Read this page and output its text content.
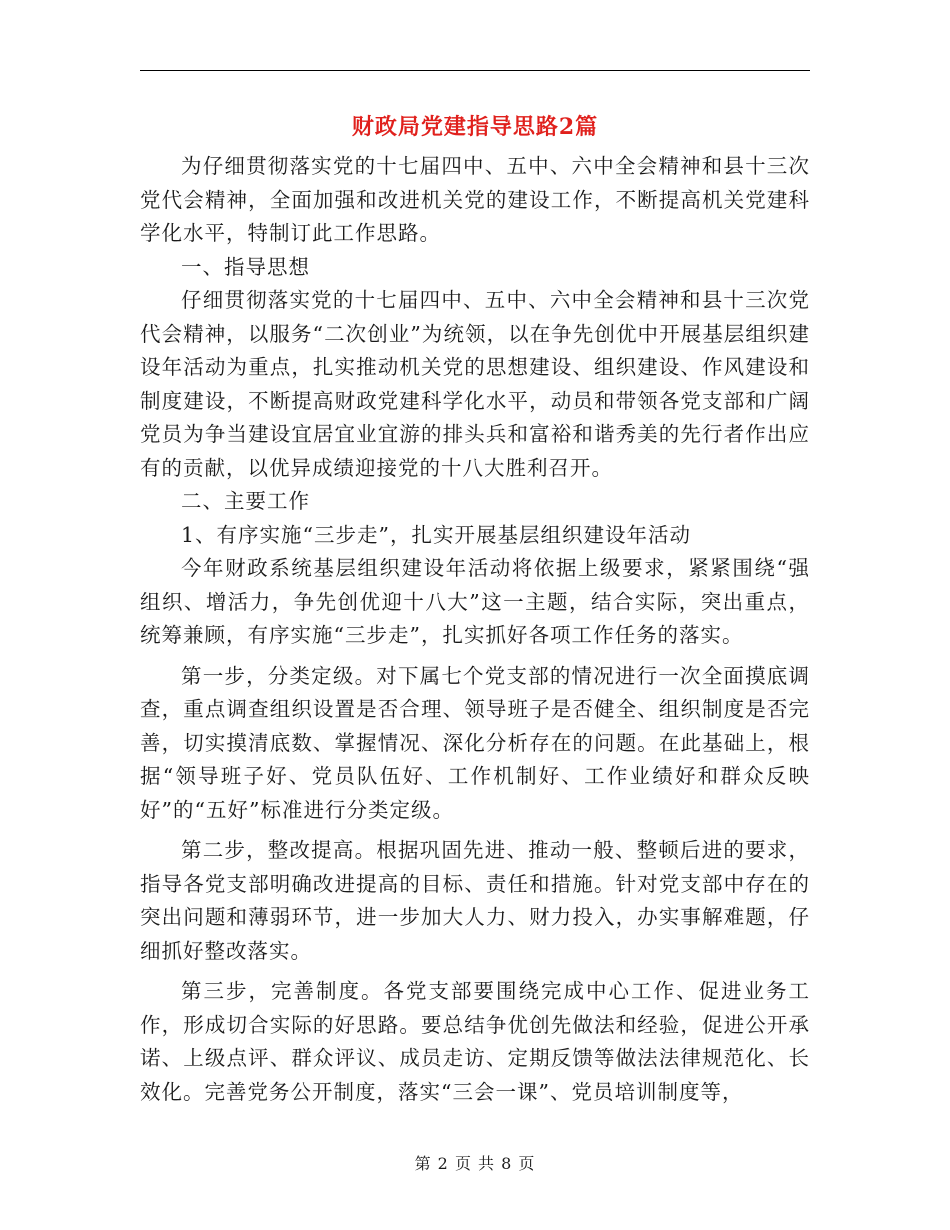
财政局党建指导思路2篇

为仔细贯彻落实党的十七届四中、五中、六中全会精神和县十三次党代会精神，全面加强和改进机关党的建设工作，不断提高机关党建科学化水平，特制订此工作思路。

一、指导思想

仔细贯彻落实党的十七届四中、五中、六中全会精神和县十三次党代会精神，以服务“二次创业”为统领，以在争先创优中开展基层组织建设年活动为重点，扎实推动机关党的思想建设、组织建设、作风建设和制度建设，不断提高财政党建科学化水平，动员和带领各党支部和广阔党员为争当建设宜居宜业宜游的排头兵和富裕和谐秀美的先行者作出应有的贡献，以优异成绩迎接党的十八大胜利召开。

二、主要工作

1、有序实施“三步走”，扎实开展基层组织建设年活动

今年财政系统基层组织建设年活动将依据上级要求，紧紧围绕“强组织、增活力，争先创优迎十八大”这一主题，结合实际，突出重点，统筹兼顾，有序实施“三步走”，扎实抓好各项工作任务的落实。

第一步，分类定级。对下属七个党支部的情况进行一次全面摸底调查，重点调查组织设置是否合理、领导班子是否健全、组织制度是否完善，切实摸清底数、掌握情况、深化分析存在的问题。在此基础上，根据“领导班子好、党员队伍好、工作机制好、工作业绩好和群众反映好”的“五好”标准进行分类定级。

第二步，整改提高。根据巩固先进、推动一般、整顿后进的要求，指导各党支部明确改进提高的目标、责任和措施。针对党支部中存在的突出问题和薄弱环节，进一步加大人力、财力投入，办实事解难题，仔细抓好整改落实。

第三步，完善制度。各党支部要围绕完成中心工作、促进业务工作，形成切合实际的好思路。要总结争优创先做法和经验，促进公开承诺、上级点评、群众评议、成员走访、定期反馈等做法法律规范化、长效化。完善党务公开制度，落实“三会一课”、党员培训制度等，

第 2 页 共 8 页
